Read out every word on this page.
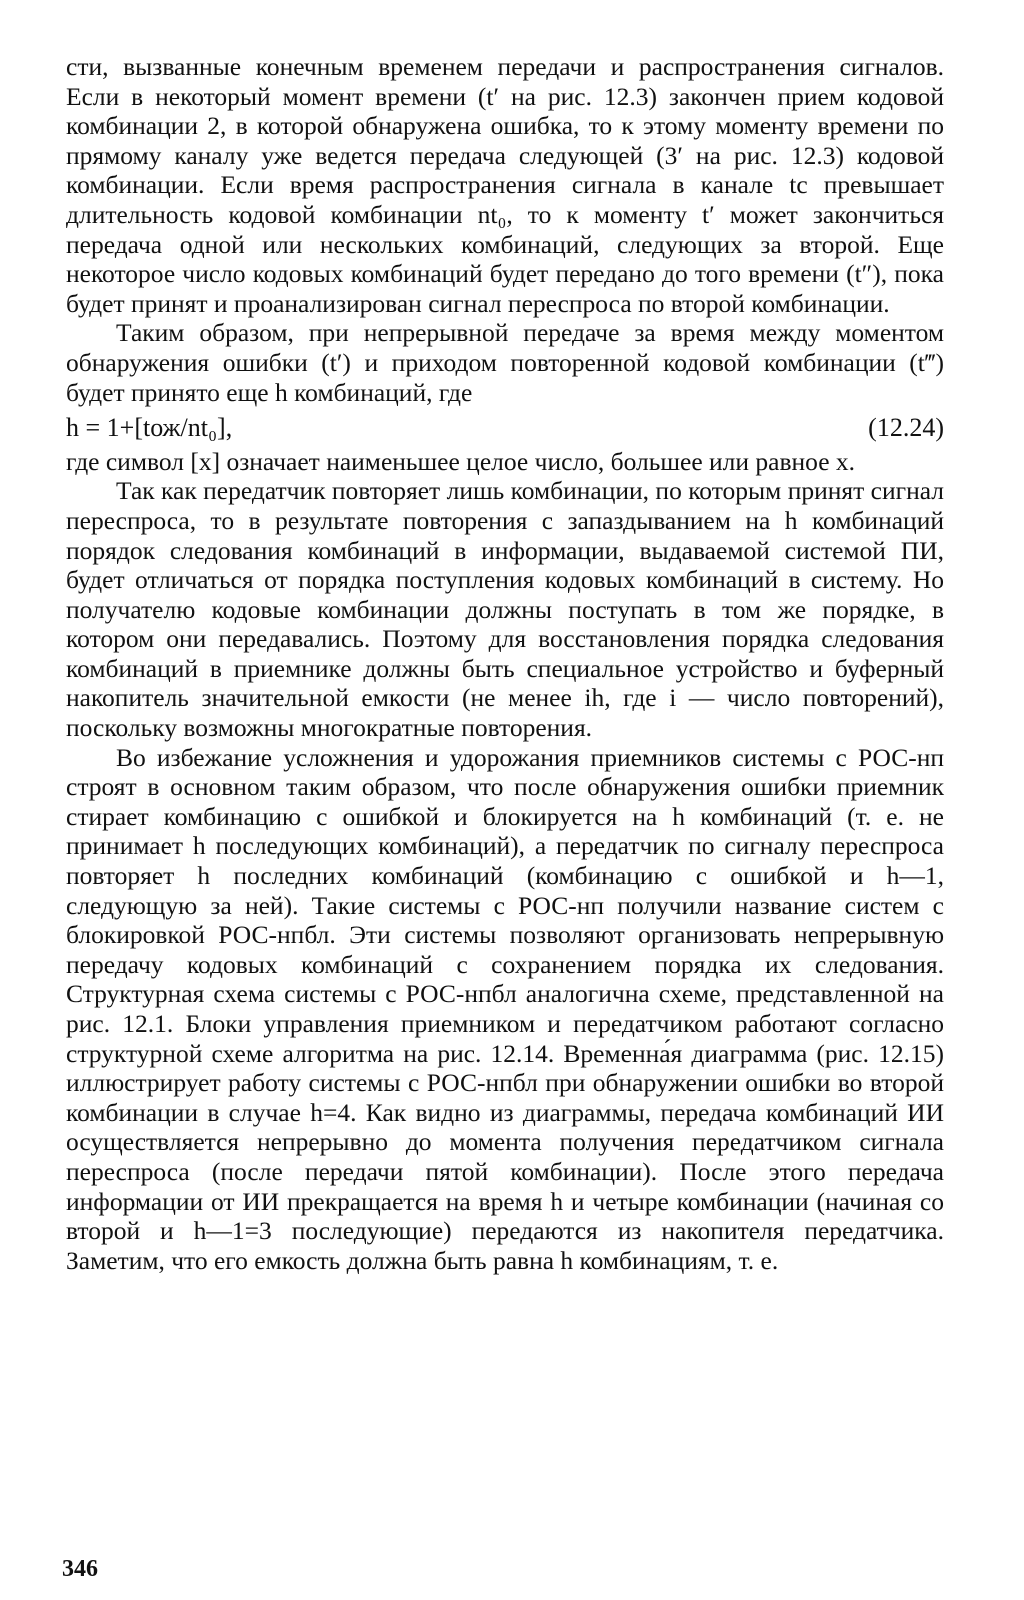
сти, вызванные конечным временем передачи и распространения сигналов. Если в некоторый момент времени (t′ на рис. 12.3) закончен прием кодовой комбинации 2, в которой обнаружена ошибка, то к этому моменту времени по прямому каналу уже ведется передача следующей (3′ на рис. 12.3) кодовой комбинации. Если время распространения сигнала в канале tc превышает длительность кодовой комбинации nt₀, то к моменту t′ может закончиться передача одной или нескольких комбинаций, следующих за второй. Еще некоторое число кодовых комбинаций будет передано до того времени (t″), пока будет принят и проанализирован сигнал переспроса по второй комбинации.

Таким образом, при непрерывной передаче за время между моментом обнаружения ошибки (t′) и приходом повторенной кодовой комбинации (t‴) будет принято еще h комбинаций, где

h = 1+[tож/nt₀],	(12.24)

где символ [x] означает наименьшее целое число, большее или равное x.

Так как передатчик повторяет лишь комбинации, по которым принят сигнал переспроса, то в результате повторения с запаздыванием на h комбинаций порядок следования комбинаций в информации, выдаваемой системой ПИ, будет отличаться от порядка поступления кодовых комбинаций в систему. Но получателю кодовые комбинации должны поступать в том же порядке, в котором они передавались. Поэтому для восстановления порядка следования комбинаций в приемнике должны быть специальное устройство и буферный накопитель значительной емкости (не менее ih, где i — число повторений), поскольку возможны многократные повторения.

Во избежание усложнения и удорожания приемников системы с РОС-нп строят в основном таким образом, что после обнаружения ошибки приемник стирает комбинацию с ошибкой и блокируется на h комбинаций (т. е. не принимает h последующих комбинаций), а передатчик по сигналу переспроса повторяет h последних комбинаций (комбинацию с ошибкой и h—1, следующую за ней). Такие системы с РОС-нп получили название систем с блокировкой РОС-нпбл. Эти системы позволяют организовать непрерывную передачу кодовых комбинаций с сохранением порядка их следования. Структурная схема системы с РОС-нпбл аналогична схеме, представленной на рис. 12.1. Блоки управления приемником и передатчиком работают согласно структурной схеме алгоритма на рис. 12.14. Временна́я диаграмма (рис. 12.15) иллюстрирует работу системы с РОС-нпбл при обнаружении ошибки во второй комбинации в случае h=4. Как видно из диаграммы, передача комбинаций ИИ осуществляется непрерывно до момента получения передатчиком сигнала переспроса (после передачи пятой комбинации). После этого передача информации от ИИ прекращается на время h и четыре комбинации (начиная со второй и h—1=3 последующие) передаются из накопителя передатчика. Заметим, что его емкость должна быть равна h комбинациям, т. е.

346
